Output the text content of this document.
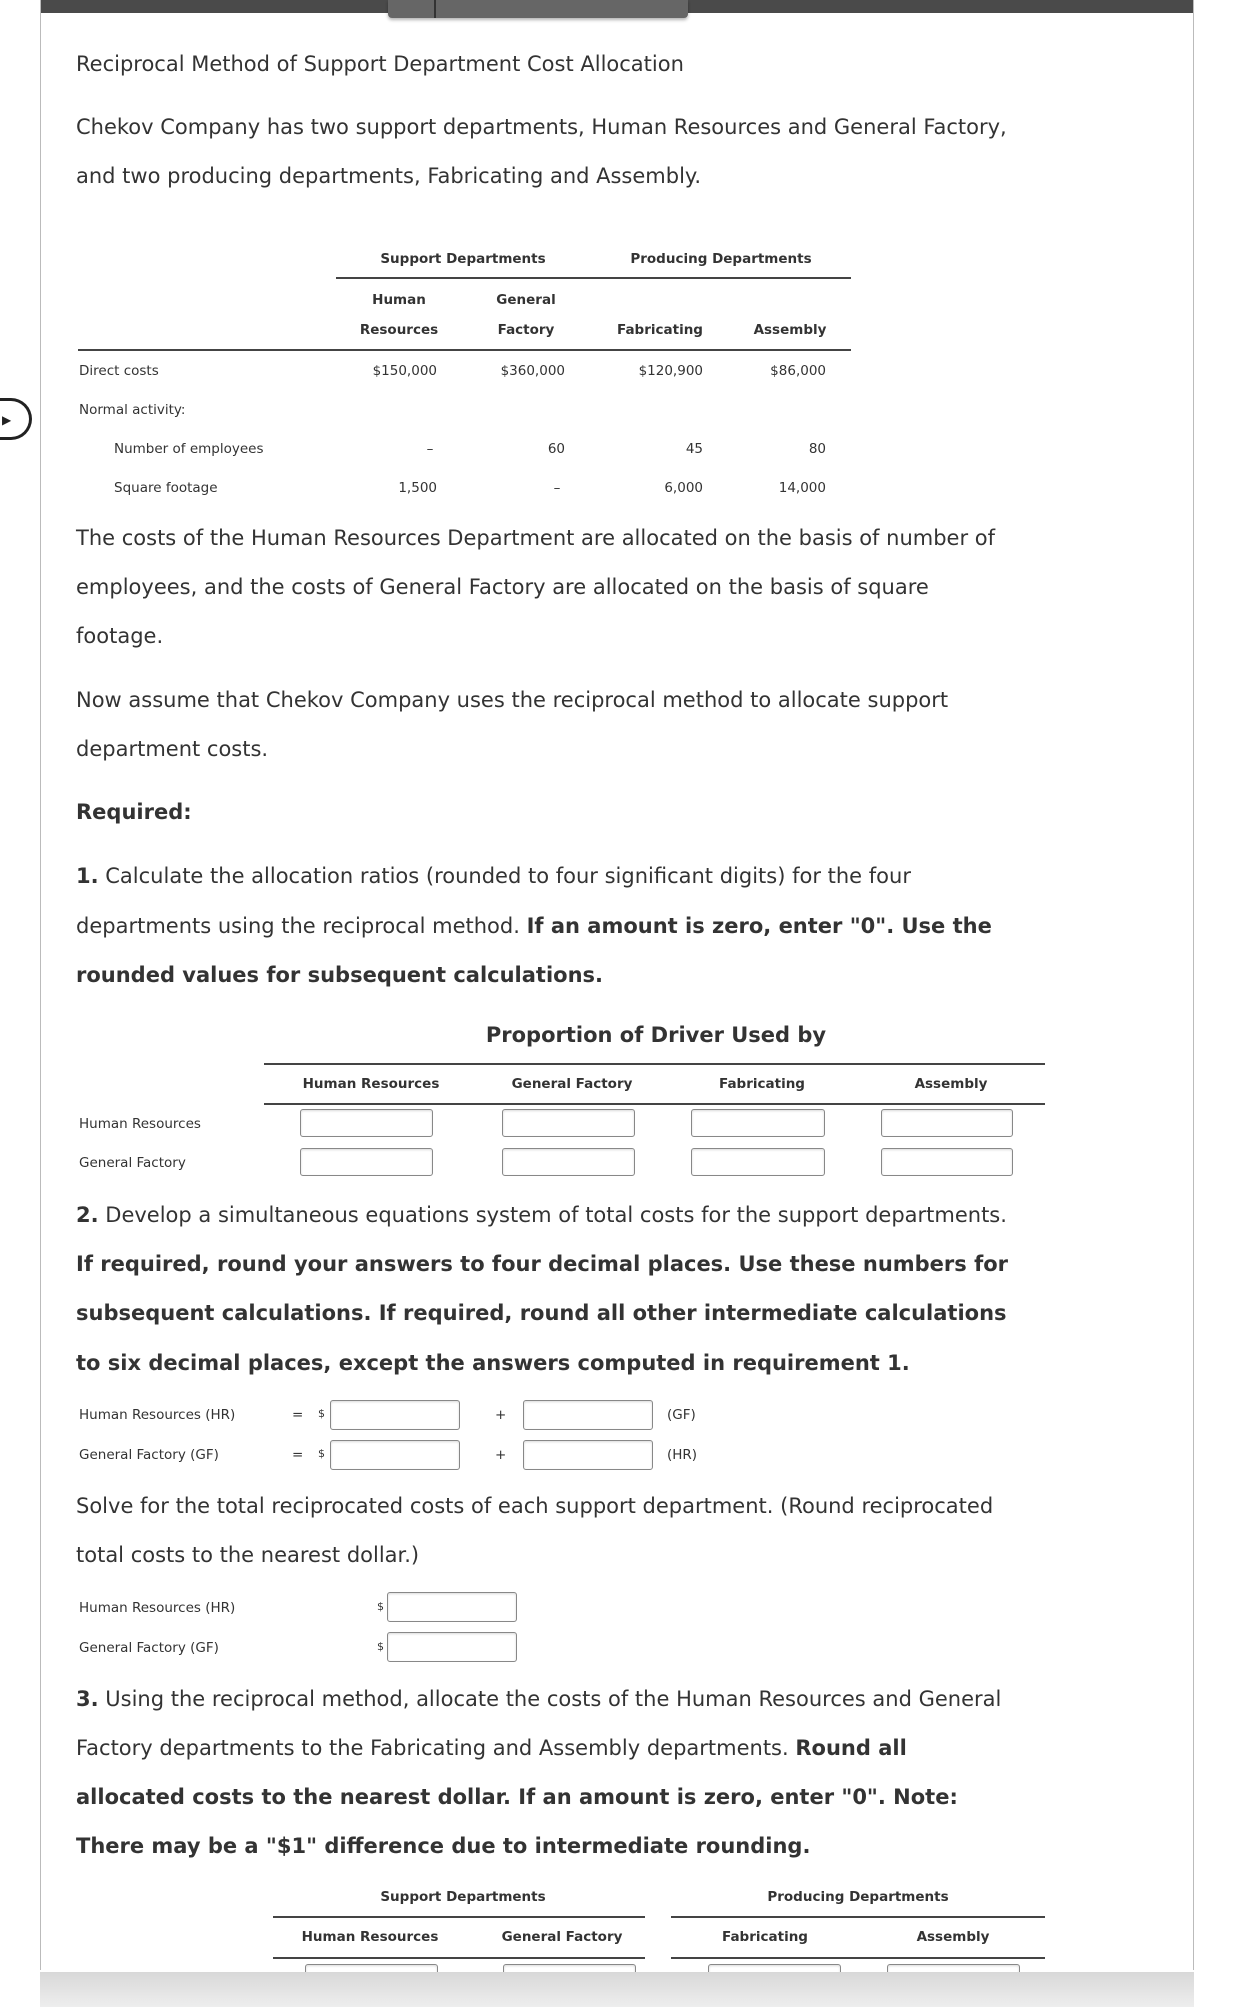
▶
Reciprocal Method of Support Department Cost Allocation
Chekov Company has two support departments, Human Resources and General Factory,
and two producing departments, Fabricating and Assembly.
Support Departments	Producing Departments
Human
Resources
General
Factory	Fabricating	Assembly
Direct costs	$150,000	$360,000	$120,900	$86,000
Normal activity:
Number of employees	–	60	45	80
Square footage	1,500	–	6,000	14,000
The costs of the Human Resources Department are allocated on the basis of number of
employees, and the costs of General Factory are allocated on the basis of square
footage.
Now assume that Chekov Company uses the reciprocal method to allocate support
department costs.
Required:
1. Calculate the allocation ratios (rounded to four significant digits) for the four
departments using the reciprocal method. If an amount is zero, enter "0". Use the
rounded values for subsequent calculations.
Proportion of Driver Used by
Human Resources	General Factory	Fabricating	Assembly
Human Resources
General Factory
2. Develop a simultaneous equations system of total costs for the support departments.
If required, round your answers to four decimal places. Use these numbers for
subsequent calculations. If required, round all other intermediate calculations
to six decimal places, except the answers computed in requirement 1.
Human Resources (HR)	= $	+	(GF)
General Factory (GF)	= $	+	(HR)
Solve for the total reciprocated costs of each support department. (Round reciprocated
total costs to the nearest dollar.)
Human Resources (HR)	$
General Factory (GF)	$
3. Using the reciprocal method, allocate the costs of the Human Resources and General
Factory departments to the Fabricating and Assembly departments. Round all
allocated costs to the nearest dollar. If an amount is zero, enter "0". Note:
There may be a "$1" difference due to intermediate rounding.
Support Departments	Producing Departments
Human Resources	General Factory	Fabricating	Assembly
